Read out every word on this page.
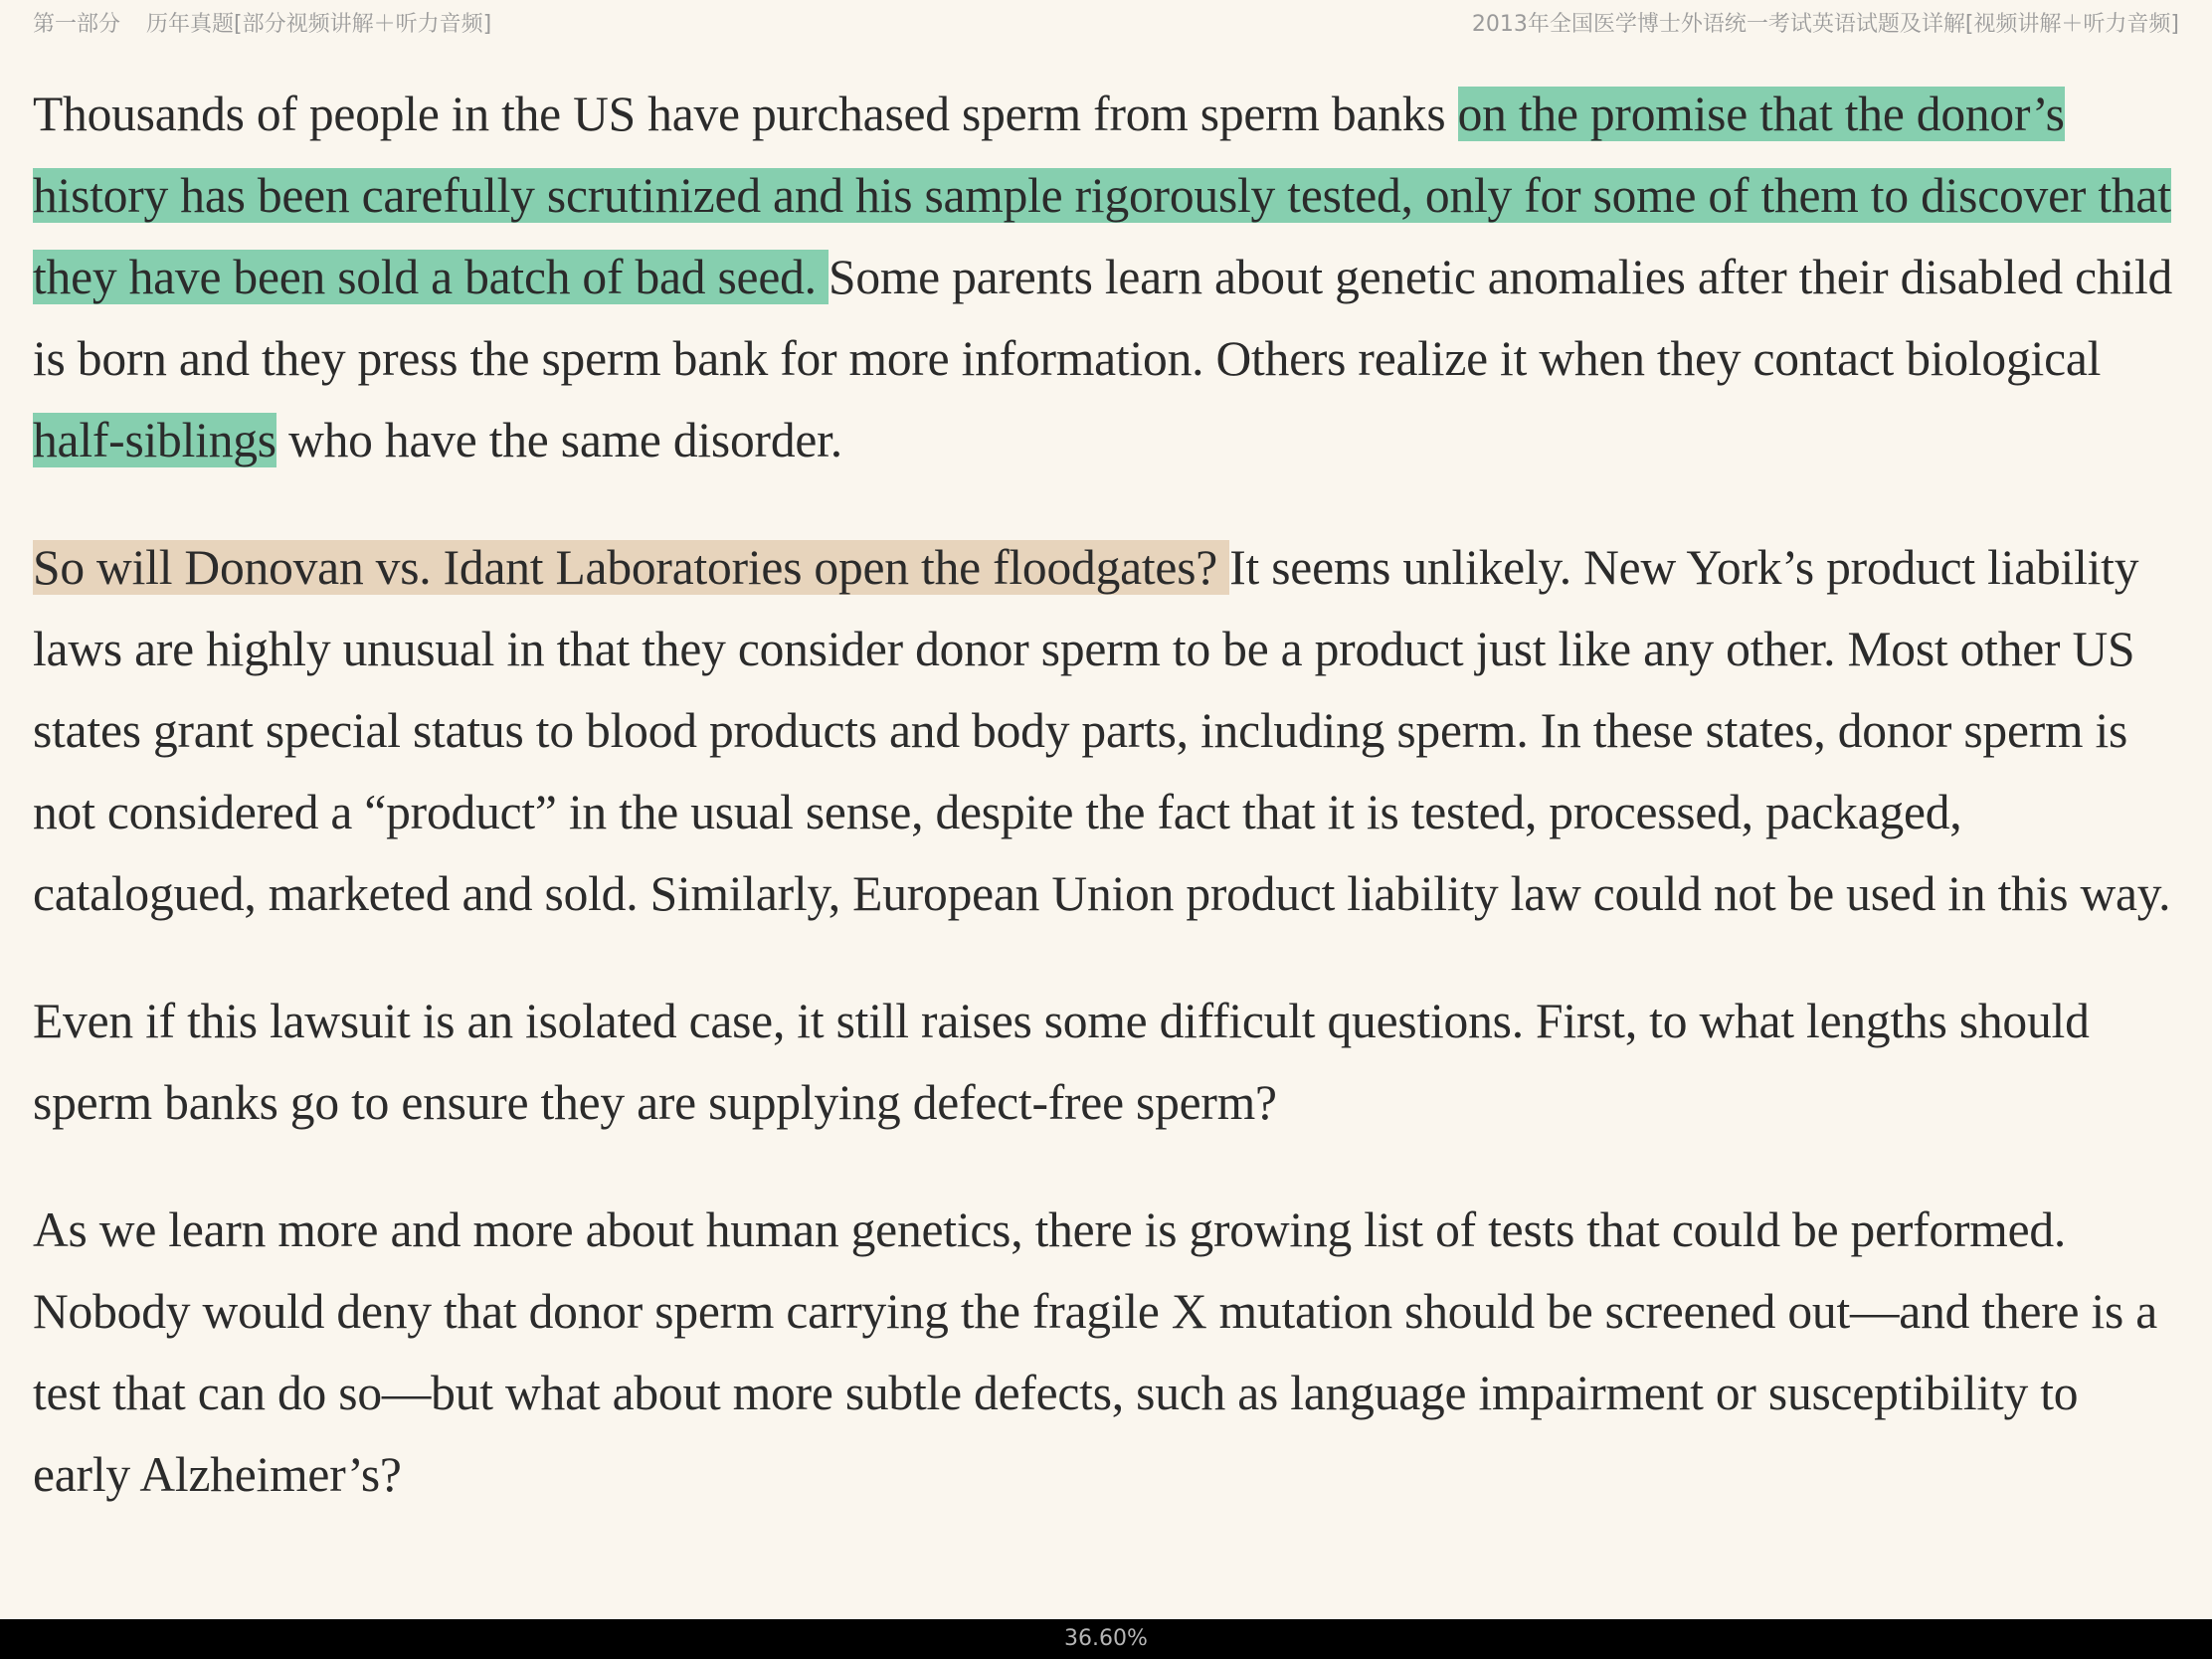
第一部分 历年真题[部分视频讲解＋听力音频]	2013年全国医学博士外语统一考试英语试题及详解[视频讲解＋听力音频]

Thousands of people in the US have purchased sperm from sperm banks on the promise that the donor’s history has been carefully scrutinized and his sample rigorously tested, only for some of them to discover that they have been sold a batch of bad seed. Some parents learn about genetic anomalies after their disabled child is born and they press the sperm bank for more information. Others realize it when they contact biological half-siblings who have the same disorder.

So will Donovan vs. Idant Laboratories open the floodgates? It seems unlikely. New York’s product liability laws are highly unusual in that they consider donor sperm to be a product just like any other. Most other US states grant special status to blood products and body parts, including sperm. In these states, donor sperm is not considered a “product” in the usual sense, despite the fact that it is tested, processed, packaged, catalogued, marketed and sold. Similarly, European Union product liability law could not be used in this way.

Even if this lawsuit is an isolated case, it still raises some difficult questions. First, to what lengths should sperm banks go to ensure they are supplying defect-free sperm?

As we learn more and more about human genetics, there is growing list of tests that could be performed. Nobody would deny that donor sperm carrying the fragile X mutation should be screened out—and there is a test that can do so—but what about more subtle defects, such as language impairment or susceptibility to early Alzheimer’s?

36.60%
